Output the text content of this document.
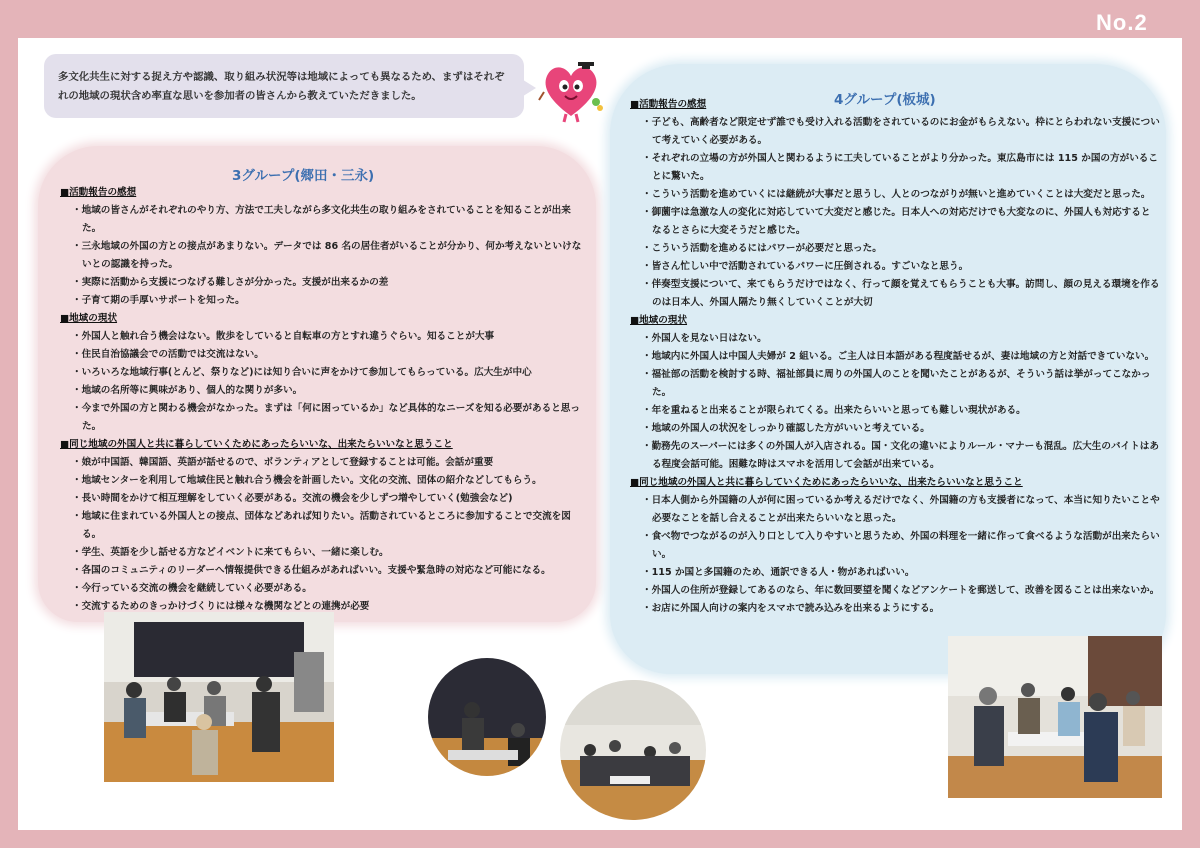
No.2
多文化共生に対する捉え方や認識、取り組み状況等は地域によっても異なるため、まずはそれぞれの地域の現状含め率直な思いを参加者の皆さんから教えていただきました。
3グループ(郷田・三永)
■活動報告の感想
・ 地域の皆さんがそれぞれのやり方、方法で工夫しながら多文化共生の取り組みをされていることを知ることが出来た。
・ 三永地域の外国の方との接点があまりない。データでは 86 名の居住者がいることが分かり、何か考えないといけないとの認識を持った。
・ 実際に活動から支援につなげる難しさが分かった。支援が出来るかの差
・ 子育て期の手厚いサポートを知った。
■地域の現状
・ 外国人と触れ合う機会はない。散歩をしていると自転車の方とすれ違うぐらい。知ることが大事
・ 住民自治協議会での活動では交流はない。
・ いろいろな地域行事(とんど、祭りなど)には知り合いに声をかけて参加してもらっている。広大生が中心
・ 地域の名所等に興味があり、個人的な関りが多い。
・ 今まで外国の方と関わる機会がなかった。まずは「何に困っているか」など具体的なニーズを知る必要があると思った。
■同じ地域の外国人と共に暮らしていくためにあったらいいな、出来たらいいなと思うこと
・ 娘が中国語、韓国語、英語が話せるので、ボランティアとして登録することは可能。会話が重要
・ 地域センターを利用して地域住民と触れ合う機会を計画したい。文化の交流、団体の紹介などしてもらう。
・ 長い時間をかけて相互理解をしていく必要がある。交流の機会を少しずつ増やしていく(勉強会など)
・ 地域に住まれている外国人との接点、団体などあれば知りたい。活動されているところに参加することで交流を図る。
・ 学生、英語を少し話せる方などイベントに来てもらい、一緒に楽しむ。
・ 各国のコミュニティのリーダーへ情報提供できる仕組みがあればいい。支援や緊急時の対応など可能になる。
・ 今行っている交流の機会を継続していく必要がある。
・ 交流するためのきっかけづくりには様々な機関などとの連携が必要
4グループ(板城)
■活動報告の感想
・ 子ども、高齢者など限定せず誰でも受け入れる活動をされているのにお金がもらえない。枠にとらわれない支援について考えていく必要がある。
・ それぞれの立場の方が外国人と関わるように工夫していることがより分かった。東広島市には 115 か国の方がいることに驚いた。
・ こういう活動を進めていくには継続が大事だと思うし、人とのつながりが無いと進めていくことは大変だと思った。
・ 御薗宇は急激な人の変化に対応していて大変だと感じた。日本人への対応だけでも大変なのに、外国人も対応するとなるとさらに大変そうだと感じた。
・ こういう活動を進めるにはパワーが必要だと思った。
・ 皆さん忙しい中で活動されているパワーに圧倒される。すごいなと思う。
・ 伴奏型支援について、来てもらうだけではなく、行って顔を覚えてもらうことも大事。訪問し、顔の見える環境を作るのは日本人、外国人隔たり無くしていくことが大切
■地域の現状
・ 外国人を見ない日はない。
・ 地域内に外国人は中国人夫婦が 2 組いる。ご主人は日本語がある程度話せるが、妻は地域の方と対話できていない。
・ 福祉部の活動を検討する時、福祉部員に周りの外国人のことを聞いたことがあるが、そういう話は挙がってこなかった。
・ 年を重ねると出来ることが限られてくる。出来たらいいと思っても難しい現状がある。
・ 地域の外国人の状況をしっかり確認した方がいいと考えている。
・ 勤務先のスーパーには多くの外国人が入店される。国・文化の違いによりルール・マナーも混乱。広大生のバイトはある程度会話可能。困難な時はスマホを活用して会話が出来ている。
■同じ地域の外国人と共に暮らしていくためにあったらいいな、出来たらいいなと思うこと
・ 日本人側から外国籍の人が何に困っているか考えるだけでなく、外国籍の方も支援者になって、本当に知りたいことや必要なことを話し合えることが出来たらいいなと思った。
・ 食べ物でつながるのが入り口として入りやすいと思うため、外国の料理を一緒に作って食べるような活動が出来たらいい。
・ 115 か国と多国籍のため、通訳できる人・物があればいい。
・ 外国人の住所が登録してあるのなら、年に数回要望を聞くなどアンケートを郵送して、改善を図ることは出来ないか。
・ お店に外国人向けの案内をスマホで読み込みを出来るようにする。
